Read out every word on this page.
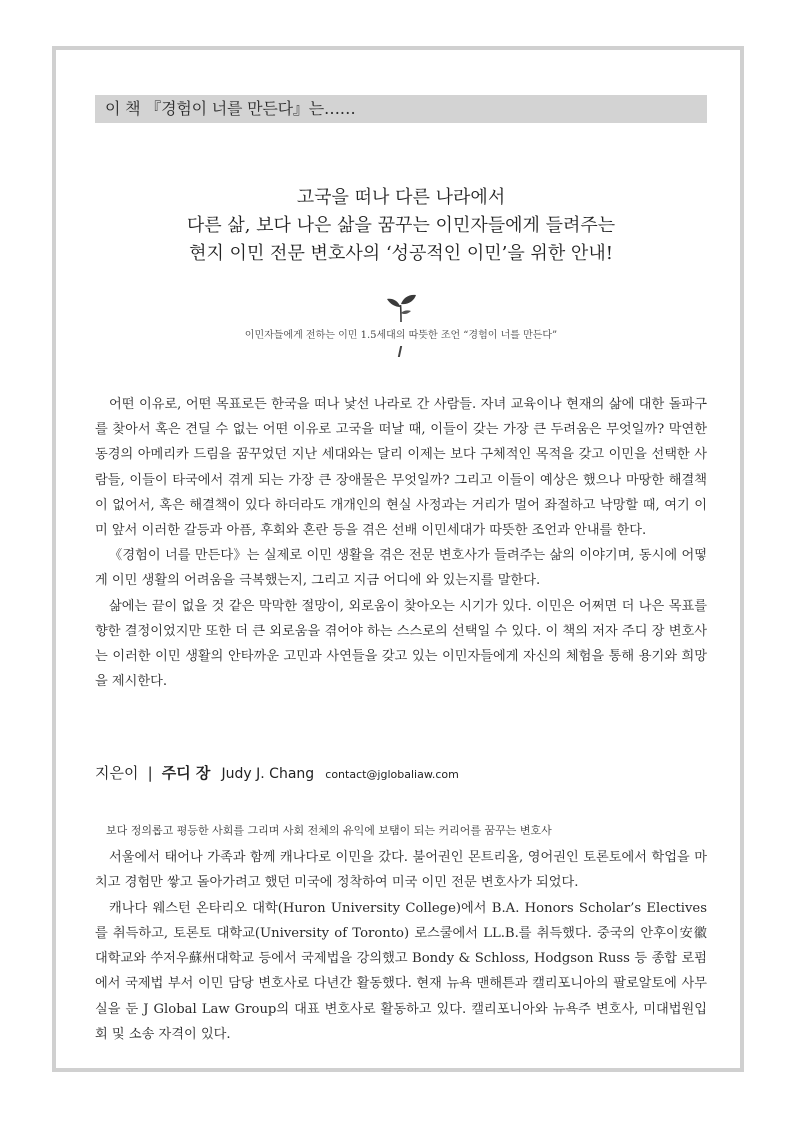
이 책 『경험이 너를 만든다』는……
고국을 떠나 다른 나라에서
다른 삶, 보다 나은 삶을 꿈꾸는 이민자들에게 들려주는
현지 이민 전문 변호사의 ‘성공적인 이민’을 위한 안내!
이민자들에게 전하는 이민 1.5세대의 따뜻한 조언 “경험이 너를 만든다”

어떤 이유로, 어떤 목표로든 한국을 떠나 낯선 나라로 간 사람들. 자녀 교육이나 현재의 삶에 대한 돌파구를 찾아서 혹은 견딜 수 없는 어떤 이유로 고국을 떠날 때, 이들이 갖는 가장 큰 두려움은 무엇일까? 막연한 동경의 아메리카 드림을 꿈꾸었던 지난 세대와는 달리 이제는 보다 구체적인 목적을 갖고 이민을 선택한 사람들, 이들이 타국에서 겪게 되는 가장 큰 장애물은 무엇일까? 그리고 이들이 예상은 했으나 마땅한 해결책이 없어서, 혹은 해결책이 있다 하더라도 개개인의 현실 사정과는 거리가 멀어 좌절하고 낙망할 때, 여기 이미 앞서 이러한 갈등과 아픔, 후회와 혼란 등을 겪은 선배 이민세대가 따뜻한 조언과 안내를 한다.

《경험이 너를 만든다》는 실제로 이민 생활을 겪은 전문 변호사가 들려주는 삶의 이야기며, 동시에 어떻게 이민 생활의 어려움을 극복했는지, 그리고 지금 어디에 와 있는지를 말한다.

삶에는 끝이 없을 것 같은 막막한 절망이, 외로움이 찾아오는 시기가 있다. 이민은 어쩌면 더 나은 목표를 향한 결정이었지만 또한 더 큰 외로움을 겪어야 하는 스스로의 선택일 수 있다. 이 책의 저자 주디 장 변호사는 이러한 이민 생활의 안타까운 고민과 사연들을 갖고 있는 이민자들에게 자신의 체험을 통해 용기와 희망을 제시한다.

지은이 | 주디 장 Judy J. Chang contact@jglobaliaw.com
보다 정의롭고 평등한 사회를 그리며 사회 전체의 유익에 보탬이 되는 커리어를 꿈꾸는 변호사

서울에서 태어나 가족과 함께 캐나다로 이민을 갔다. 불어권인 몬트리올, 영어권인 토론토에서 학업을 마치고 경험만 쌓고 돌아가려고 했던 미국에 정착하여 미국 이민 전문 변호사가 되었다.

캐나다 웨스턴 온타리오 대학(Huron University College)에서 B.A. Honors Scholar’s Electives를 취득하고, 토론토 대학교(University of Toronto) 로스쿨에서 LL.B.를 취득했다. 중국의 안후이安徽대학교와 쑤저우蘇州대학교 등에서 국제법을 강의했고 Bondy & Schloss, Hodgson Russ 등 종합 로펌에서 국제법 부서 이민 담당 변호사로 다년간 활동했다. 현재 뉴욕 맨해튼과 캘리포니아의 팔로알토에 사무실을 둔 J Global Law Group의 대표 변호사로 활동하고 있다. 캘리포니아와 뉴욕주 변호사, 미대법원입회 및 소송 자격이 있다.
